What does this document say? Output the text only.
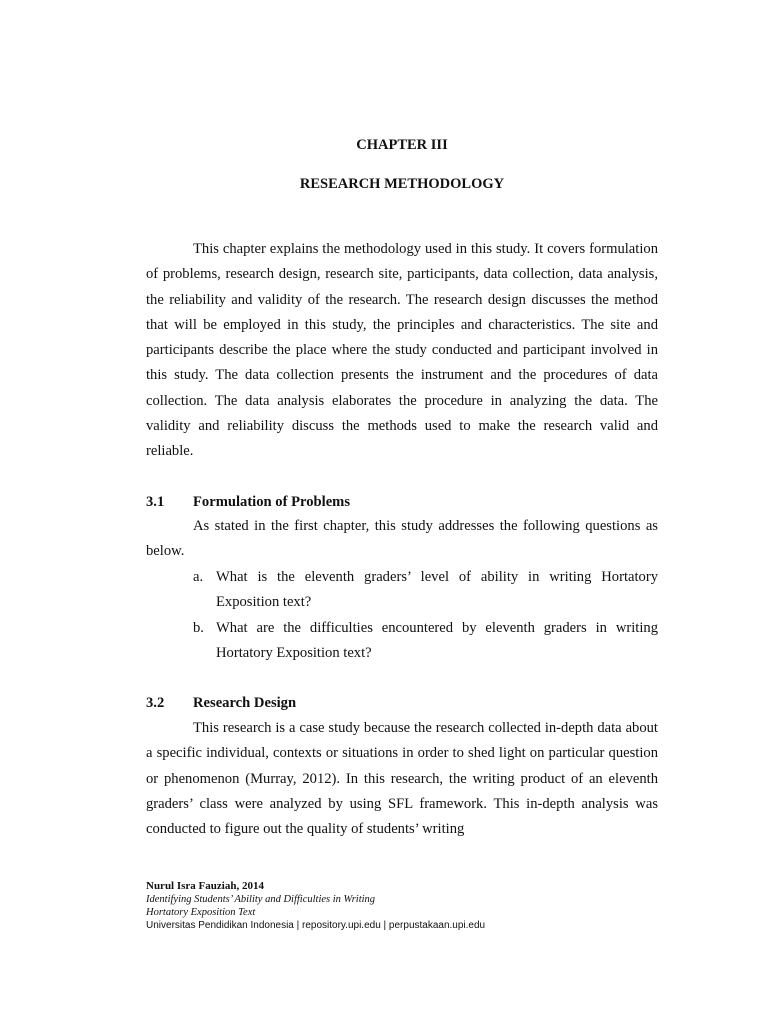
CHAPTER III
RESEARCH METHODOLOGY

This chapter explains the methodology used in this study. It covers formulation of problems, research design, research site, participants, data collection, data analysis, the reliability and validity of the research. The research design discusses the method that will be employed in this study, the principles and characteristics. The site and participants describe the place where the study conducted and participant involved in this study. The data collection presents the instrument and the procedures of data collection. The data analysis elaborates the procedure in analyzing the data. The validity and reliability discuss the methods used to make the research valid and reliable.

3.1 Formulation of Problems

As stated in the first chapter, this study addresses the following questions as below.

a. What is the eleventh graders’ level of ability in writing Hortatory Exposition text?
b. What are the difficulties encountered by eleventh graders in writing Hortatory Exposition text?
3.2 Research Design

This research is a case study because the research collected in-depth data about a specific individual, contexts or situations in order to shed light on particular question or phenomenon (Murray, 2012). In this research, the writing product of an eleventh graders’ class were analyzed by using SFL framework. This in-depth analysis was conducted to figure out the quality of students’ writing

Nurul Isra Fauziah, 2014
Identifying Students’ Ability and Difficulties in Writing
Hortatory Exposition Text
Universitas Pendidikan Indonesia | repository.upi.edu | perpustakaan.upi.edu
